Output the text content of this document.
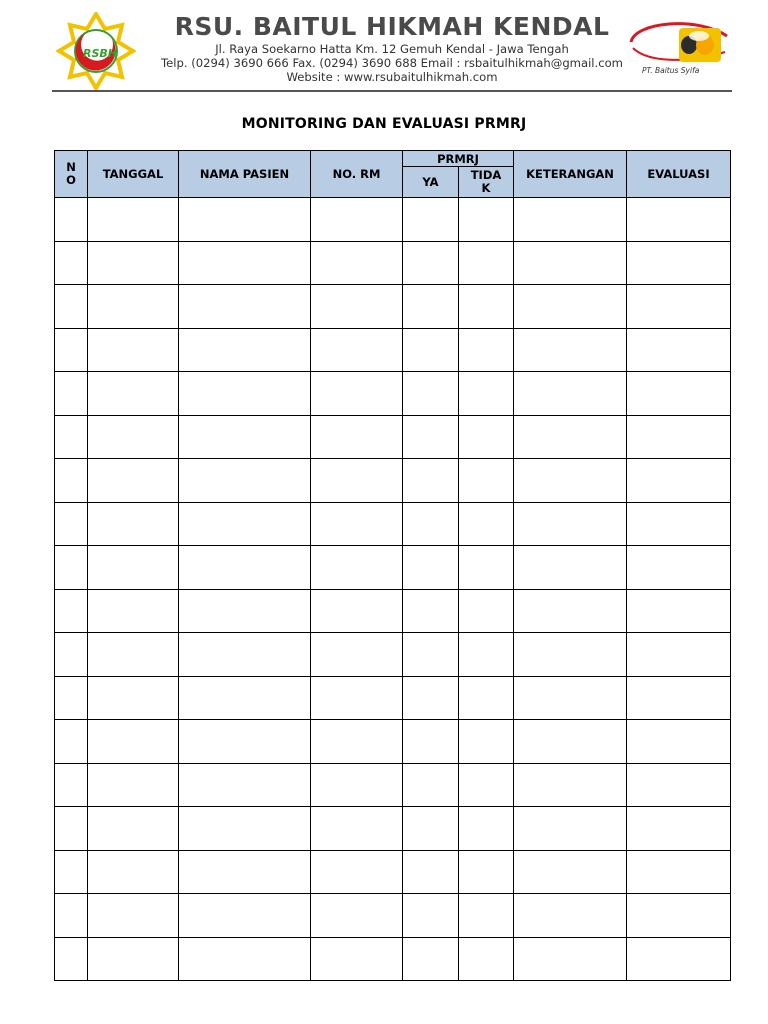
RSBH
RSU. BAITUL HIKMAH KENDAL
Jl. Raya Soekarno Hatta Km. 12 Gemuh Kendal - Jawa Tengah
Telp. (0294) 3690 666 Fax. (0294) 3690 688 Email : rsbaitulhikmah@gmail.com
Website : www.rsubaitulhikmah.com	PT. Baitus Syifa
MONITORING DAN EVALUASI PRMRJ
N
O	TANGGAL	NAMA PASIEN	NO. RM	PRMRJ		KETERANGAN	EVALUASI
				YA	TIDA
K		
